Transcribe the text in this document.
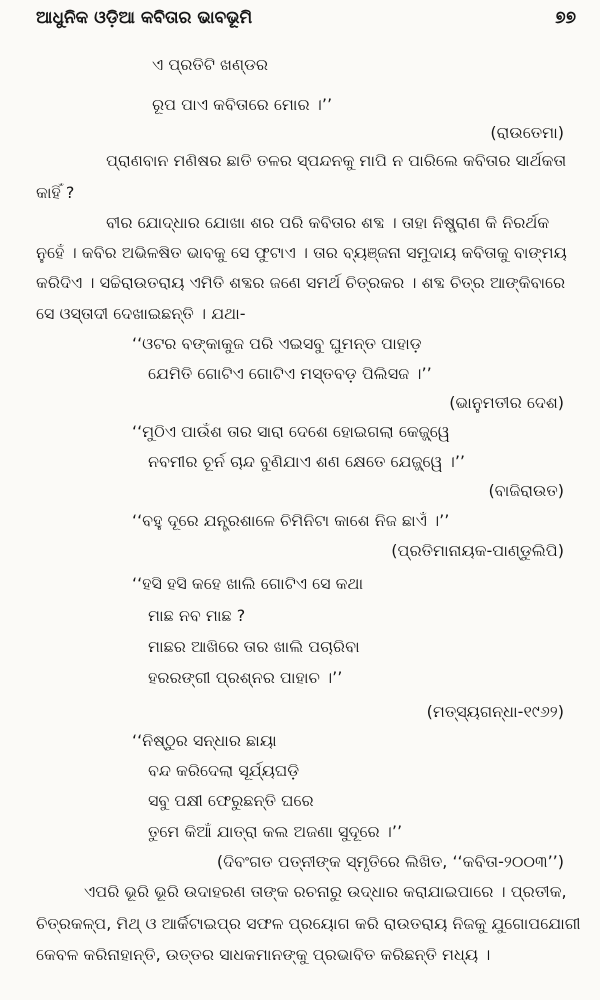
ଆଧୁନିକ ଓଡ଼ିଆ କବିତାର ଭାବଭୂମି	୭୭
ଏ ପ୍ରତିଟି ଖଣ୍ଡର
ରୂପ ପାଏ କବିତାରେ ମୋର ।’’
(ରାଉତେମା)
ପ୍ରାଣବାନ ମଣିଷର ଛାତି ତଳର ସ୍ପନ୍ଦନକୁ ମାପି ନ ପାରିଲେ କବିତାର ସାର୍ଥକତା
କାହିଁ ?
ବୀର ଯୋଦ୍ଧାର ଯୋଖା ଶର ପରି କବିତାର ଶବ୍ଦ । ତାହା ନିଷ୍ପ୍ରାଣ କି ନିରର୍ଥକ
ନୁହେଁ । କବିର ଅଭିଳଷିତ ଭାବକୁ ସେ ଫୁଟାଏ । ତାର ବ୍ୟଞ୍ଜନା ସମୁଦାୟ କବିତାକୁ ବାଙ୍ମୟ
କରିଦିଏ । ସଚ୍ଚିରାଉତରାୟ ଏମିତି ଶବ୍ଦର ଜଣେ ସମର୍ଥ ଚିତ୍ରକର । ଶବ୍ଦ ଚିତ୍ର ଆଙ୍କିବାରେ
ସେ ଓସ୍ତାଦୀ ଦେଖାଇଛନ୍ତି । ଯଥା-
‘‘ଓଟର ବଙ୍କାକୁଜ ପରି ଏଇସବୁ ଘୁମନ୍ତ ପାହାଡ଼
ଯେମିତି ଗୋଟିଏ ଗୋଟିଏ ମସ୍ତବଡ଼ ପିଲିସଜ ।’’
(ଭାନୁମତୀର ଦେଶ)
‘‘ମୁଠିଏ ପାଉଁଶ ତାର ସାରା ଦେଶେ ହୋଇଗଲା କେଜ୍ଜ୍ୱେ
ନବମୀର ଚୂର୍ନ ଚାନ୍ଦ ବୁଣିଯାଏ ଶଣ କ୍ଷେତେ ଯେଜ୍ଜ୍ୱେ ।’’
(ବାଜିରାଉତ)
‘‘ବହୁ ଦୂରେ ଯନ୍ତ୍ରଶାଳେ ଚିମିନିଟା କାଶେ ନିଜ ଛାଏଁ ।’’
(ପ୍ରତିମାନାୟକ-ପାଣ୍ଡୁଲିପି)
‘‘ହସି ହସି କହେ ଖାଲି ଗୋଟିଏ ସେ କଥା
ମାଛ ନବ ମାଛ ?
ମାଛର ଆଖିରେ ତାର ଖାଲି ପଚାରିବା
ହରରଙ୍ଗୀ ପ୍ରଶ୍ନର ପାହାଚ ।’’
(ମତ୍ସ୍ୟଗନ୍ଧା-୧୯୬୨)
‘‘ନିଷ୍ଠୁର ସନ୍ଧାର ଛାୟା
ବନ୍ଦ କରିଦେଲା ସୂର୍ଯ୍ୟଘଡ଼ି
ସବୁ ପକ୍ଷୀ ଫେରୁଛନ୍ତି ଘରେ
ତୁମେ କିଆଁ ଯାତ୍ରା କଲ ଅଜଣା ସୁଦୂରେ ।’’
(ଦିବଂଗତ ପତ୍ନୀଙ୍କ ସ୍ମୃତିରେ ଲିଖିତ, ‘‘କବିତା-୨୦୦୩’’)
ଏପରି ଭୂରି ଭୂରି ଉଦାହରଣ ତାଙ୍କ ରଚନାରୁ ଉଦ୍ଧାର କରାଯାଇପାରେ । ପ୍ରତୀକ,
ଚିତ୍ରକଳ୍ପ, ମିଥ୍ ଓ ଆର୍କିଟାଇପ୍‌ର ସଫଳ ପ୍ରୟୋଗ କରି ରାଉତରାୟ ନିଜକୁ ଯୁଗୋପଯୋଗୀ
କେବଳ କରିନାହାନ୍ତି, ଉତ୍ତର ସାଧକମାନଙ୍କୁ ପ୍ରଭାବିତ କରିଛନ୍ତି ମଧ୍ୟ ।
